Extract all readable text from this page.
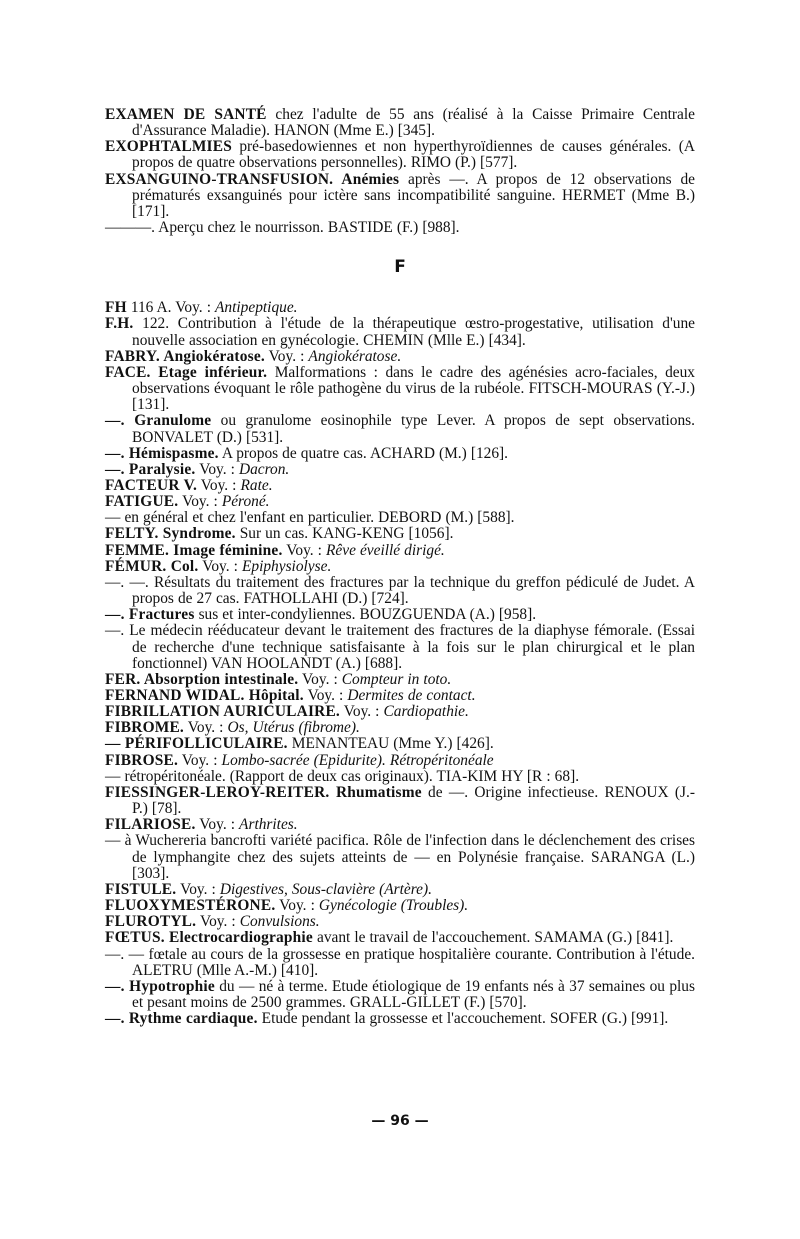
EXAMEN DE SANTÉ chez l'adulte de 55 ans (réalisé à la Caisse Primaire Centrale d'Assurance Maladie). HANON (Mme E.) [345].

EXOPHTALMIES pré-basedowiennes et non hyperthyroïdiennes de causes générales. (A propos de quatre observations personnelles). RIMO (P.) [577].

EXSANGUINO-TRANSFUSION. Anémies après —. A propos de 12 observations de prématurés exsanguinés pour ictère sans incompatibilité sanguine. HERMET (Mme B.) [171].

———. Aperçu chez le nourrisson. BASTIDE (F.) [988].

F

FH 116 A. Voy. : Antipeptique.

F.H. 122. Contribution à l'étude de la thérapeutique œstro-progestative, utilisation d'une nouvelle association en gynécologie. CHEMIN (Mlle E.) [434].

FABRY. Angiokératose. Voy. : Angiokératose.

FACE. Etage inférieur. Malformations : dans le cadre des agénésies acro-faciales, deux observations évoquant le rôle pathogène du virus de la rubéole. FITSCH-MOURAS (Y.-J.) [131].

—. Granulome ou granulome eosinophile type Lever. A propos de sept observations. BONVALET (D.) [531].

—. Hémispasme. A propos de quatre cas. ACHARD (M.) [126].

—. Paralysie. Voy. : Dacron.

FACTEUR V. Voy. : Rate.

FATIGUE. Voy. : Péroné.

— en général et chez l'enfant en particulier. DEBORD (M.) [588].

FELTY. Syndrome. Sur un cas. KANG-KENG [1056].

FEMME. Image féminine. Voy. : Rêve éveillé dirigé.

FÉMUR. Col. Voy. : Epiphysiolyse.

—. —. Résultats du traitement des fractures par la technique du greffon pédiculé de Judet. A propos de 27 cas. FATHOLLAHI (D.) [724].

—. Fractures sus et inter-condyliennes. BOUZGUENDA (A.) [958].

—. Le médecin rééducateur devant le traitement des fractures de la diaphyse fémorale. (Essai de recherche d'une technique satisfaisante à la fois sur le plan chirurgical et le plan fonctionnel) VAN HOOLANDT (A.) [688].

FER. Absorption intestinale. Voy. : Compteur in toto.

FERNAND WIDAL. Hôpital. Voy. : Dermites de contact.

FIBRILLATION AURICULAIRE. Voy. : Cardiopathie.

FIBROME. Voy. : Os, Utérus (fibrome).

— PÉRIFOLLICULAIRE. MENANTEAU (Mme Y.) [426].

FIBROSE. Voy. : Lombo-sacrée (Epidurite). Rétropéritonéale

— rétropéritonéale. (Rapport de deux cas originaux). TIA-KIM HY [R : 68].

FIESSINGER-LEROY-REITER. Rhumatisme de —. Origine infectieuse. RENOUX (J.-P.) [78].

FILARIOSE. Voy. : Arthrites.

— à Wuchereria bancrofti variété pacifica. Rôle de l'infection dans le déclenchement des crises de lymphangite chez des sujets atteints de — en Polynésie française. SARANGA (L.) [303].

FISTULE. Voy. : Digestives, Sous-clavière (Artère).

FLUOXYMESTÉRONE. Voy. : Gynécologie (Troubles).

FLUROTYL. Voy. : Convulsions.

FŒTUS. Electrocardiographie avant le travail de l'accouchement. SAMAMA (G.) [841].

—. — fœtale au cours de la grossesse en pratique hospitalière courante. Contribution à l'étude. ALETRU (Mlle A.-M.) [410].

—. Hypotrophie du — né à terme. Etude étiologique de 19 enfants nés à 37 semaines ou plus et pesant moins de 2500 grammes. GRALL-GILLET (F.) [570].

—. Rythme cardiaque. Etude pendant la grossesse et l'accouchement. SOFER (G.) [991].

— 96 —
